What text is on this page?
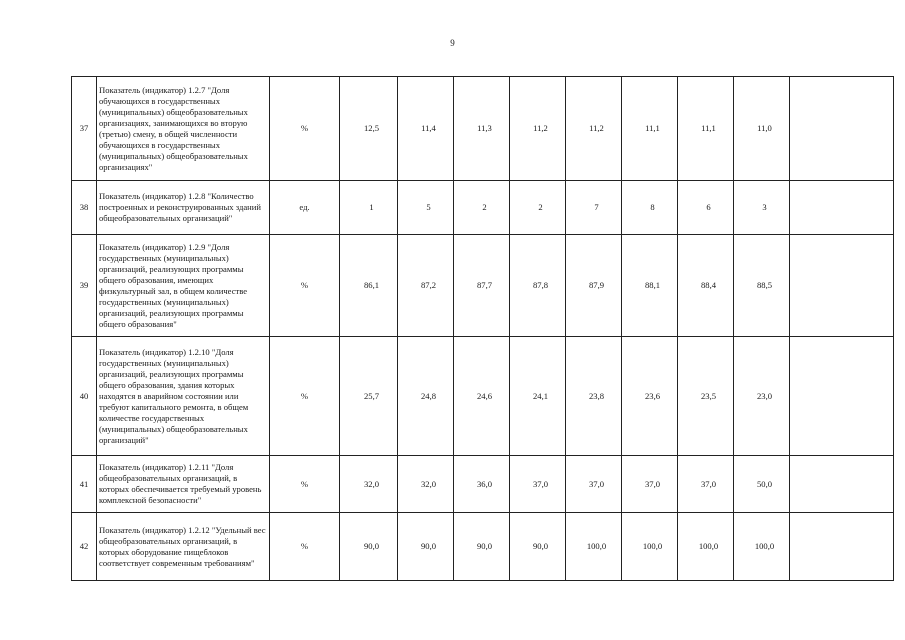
9
37	Показатель (индикатор) 1.2.7 "Доля обучающихся в государственных (муниципальных) общеобразовательных организациях, занимающихся во вторую (третью) смену, в общей численности обучающихся в государственных (муниципальных) общеобразовательных организациях"	%	12,5	11,4	11,3	11,2	11,2	11,1	11,1	11,0	
38	Показатель (индикатор) 1.2.8 "Количество построенных и реконструированных зданий общеобразовательных организаций"	ед.	1	5	2	2	7	8	6	3	
39	Показатель (индикатор) 1.2.9 "Доля государственных (муниципальных) организаций, реализующих программы общего образования, имеющих физкультурный зал, в общем количестве государственных (муниципальных) организаций, реализующих программы общего образования"	%	86,1	87,2	87,7	87,8	87,9	88,1	88,4	88,5	
40	Показатель (индикатор) 1.2.10 "Доля государственных (муниципальных) организаций, реализующих программы общего образования, здания которых находятся в аварийном состоянии или требуют капитального ремонта, в общем количестве государственных (муниципальных) общеобразовательных организаций"	%	25,7	24,8	24,6	24,1	23,8	23,6	23,5	23,0	
41	Показатель (индикатор) 1.2.11 "Доля общеобразовательных организаций, в которых обеспечивается требуемый уровень комплексной безопасности"	%	32,0	32,0	36,0	37,0	37,0	37,0	37,0	50,0	
42	Показатель (индикатор) 1.2.12 "Удельный вес общеобразовательных организаций, в которых оборудование пищеблоков соответствует современным требованиям"	%	90,0	90,0	90,0	90,0	100,0	100,0	100,0	100,0	
